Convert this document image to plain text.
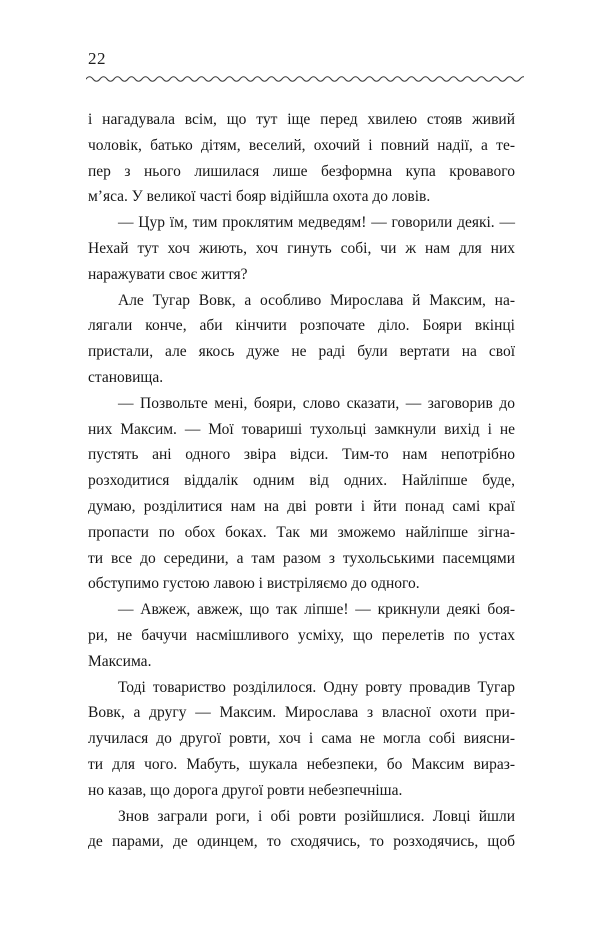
22
і нагадувала всім, що тут іще перед хвилею стояв живий
чоловік, батько дітям, веселий, охочий і повний надії, а те-
пер з нього лишилася лише безформна купа кровавого
м’яса. У великої часті бояр відійшла охота до ловів.
— Цур їм, тим проклятим медведям! — говорили деякі. —
Нехай тут хоч жиють, хоч гинуть собі, чи ж нам для них
наражувати своє життя?
Але Тугар Вовк, а особливо Мирослава й Максим, на-
лягали конче, аби кінчити розпочате діло. Бояри вкінці
пристали, але якось дуже не раді були вертати на свої
становища.
— Позвольте мені, бояри, слово сказати, — заговорив до
них Максим. — Мої товариші тухольці замкнули вихід і не
пустять ані одного звіра відси. Тим-то нам непотрібно
розходитися віддалік одним від одних. Найліпше буде,
думаю, розділитися нам на дві ровти і йти понад самі краї
пропасти по обох боках. Так ми зможемо найліпше зігна-
ти все до середини, а там разом з тухольськими пасемцями
обступимо густою лавою і вистріляємо до одного.
— Авжеж, авжеж, що так ліпше! — крикнули деякі боя-
ри, не бачучи насмішливого усміху, що перелетів по устах
Максима.
Тоді товариство розділилося. Одну ровту провадив Тугар
Вовк, а другу — Максим. Мирослава з власної охоти при-
лучилася до другої ровти, хоч і сама не могла собі виясни-
ти для чого. Мабуть, шукала небезпеки, бо Максим вираз-
но казав, що дорога другої ровти небезпечніша.
Знов заграли роги, і обі ровти розійшлися. Ловці йшли
де парами, де одинцем, то сходячись, то розходячись, щоб
